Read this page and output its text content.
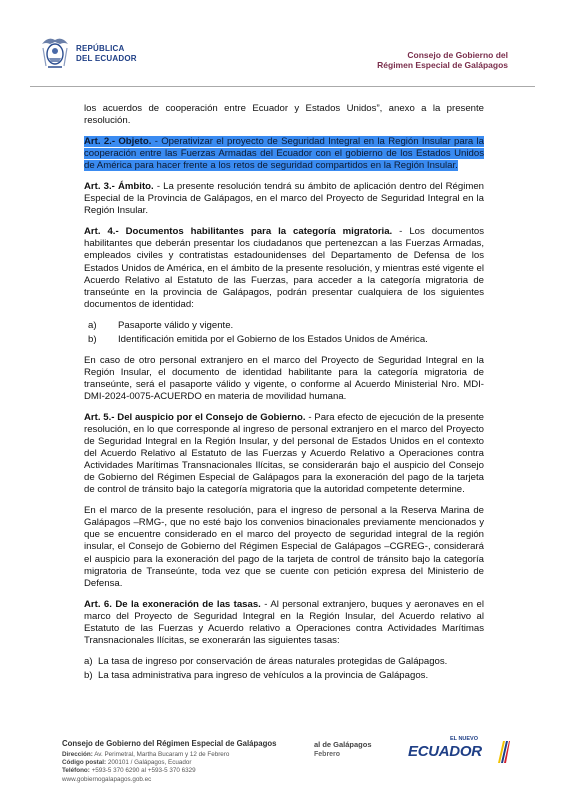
REPÚBLICA
DEL ECUADOR	Consejo de Gobierno del
Régimen Especial de Galápagos

los acuerdos de cooperación entre Ecuador y Estados Unidos”, anexo a la presente resolución.

Art. 2.- Objeto. - Operativizar el proyecto de Seguridad Integral en la Región Insular para la cooperación entre las Fuerzas Armadas del Ecuador con el gobierno de los Estados Unidos de América para hacer frente a los retos de seguridad compartidos en la Región Insular.

Art. 3.- Ámbito. - La presente resolución tendrá su ámbito de aplicación dentro del Régimen Especial de la Provincia de Galápagos, en el marco del Proyecto de Seguridad Integral en la Región Insular.

Art. 4.- Documentos habilitantes para la categoría migratoria. - Los documentos habilitantes que deberán presentar los ciudadanos que pertenezcan a las Fuerzas Armadas, empleados civiles y contratistas estadounidenses del Departamento de Defensa de los Estados Unidos de América, en el ámbito de la presente resolución, y mientras esté vigente el Acuerdo Relativo al Estatuto de las Fuerzas, para acceder a la categoría migratoria de transeúnte en la provincia de Galápagos, podrán presentar cualquiera de los siguientes documentos de identidad:

a) Pasaporte válido y vigente.
b) Identificación emitida por el Gobierno de los Estados Unidos de América.

En caso de otro personal extranjero en el marco del Proyecto de Seguridad Integral en la Región Insular, el documento de identidad habilitante para la categoría migratoria de transeúnte, será el pasaporte válido y vigente, o conforme al Acuerdo Ministerial Nro. MDI-DMI-2024-0075-ACUERDO en materia de movilidad humana.

Art. 5.- Del auspicio por el Consejo de Gobierno. - Para efecto de ejecución de la presente resolución, en lo que corresponde al ingreso de personal extranjero en el marco del Proyecto de Seguridad Integral en la Región Insular, y del personal de Estados Unidos en el contexto del Acuerdo Relativo al Estatuto de las Fuerzas y Acuerdo Relativo a Operaciones contra Actividades Marítimas Transnacionales Ilícitas, se considerarán bajo el auspicio del Consejo de Gobierno del Régimen Especial de Galápagos para la exoneración del pago de la tarjeta de control de tránsito bajo la categoría migratoria que la autoridad competente determine.

En el marco de la presente resolución, para el ingreso de personal a la Reserva Marina de Galápagos –RMG-, que no esté bajo los convenios binacionales previamente mencionados y que se encuentre considerado en el marco del proyecto de seguridad integral de la región insular, el Consejo de Gobierno del Régimen Especial de Galápagos –CGREG-, considerará el auspicio para la exoneración del pago de la tarjeta de control de tránsito bajo la categoría migratoria de Transeúnte, toda vez que se cuente con petición expresa del Ministerio de Defensa.

Art. 6. De la exoneración de las tasas. - Al personal extranjero, buques y aeronaves en el marco del Proyecto de Seguridad Integral en la Región Insular, del Acuerdo relativo al Estatuto de las Fuerzas y Acuerdo relativo a Operaciones contra Actividades Marítimas Transnacionales Ilícitas, se exonerarán las siguientes tasas:

a) La tasa de ingreso por conservación de áreas naturales protegidas de Galápagos.
b) La tasa administrativa para ingreso de vehículos a la provincia de Galápagos.
Consejo de Gobierno del Régimen Especial de Galápagos
Dirección: Av. Perimetral, Martha Bucaram y 12 de Febrero
Código postal: 200101 / Galápagos, Ecuador
Teléfono: +593-5 370 6290 al +593-5 370 6329
www.gobiernogalapagos.gob.ec
al de Galápagos
Febrero
EL NUEVO
ECUADOR
